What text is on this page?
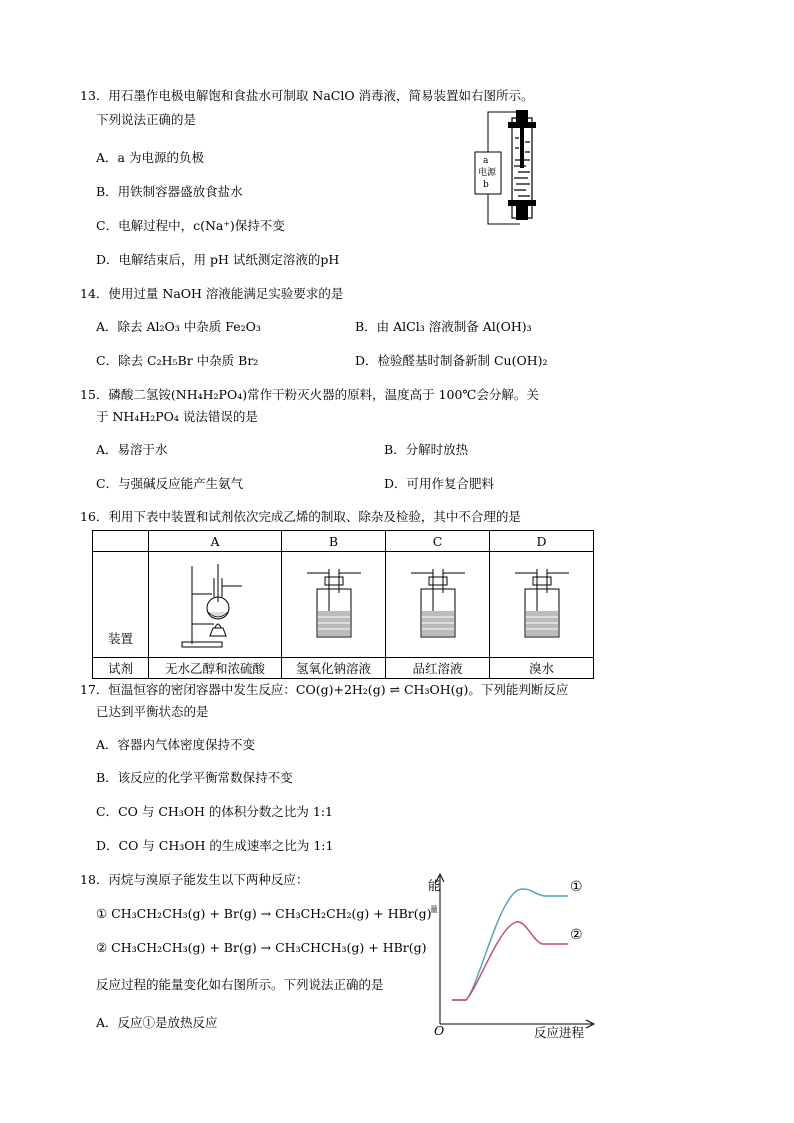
13．用石墨作电极电解饱和食盐水可制取 NaClO 消毒液，简易装置如右图所示。
下列说法正确的是
A．a 为电源的负极
B．用铁制容器盛放食盐水
C．电解过程中，c(Na⁺)保持不变
D．电解结束后，用 pH 试纸测定溶液的pH
a
电源
b
14．使用过量 NaOH 溶液能满足实验要求的是
A．除去 Al₂O₃ 中杂质 Fe₂O₃	B．由 AlCl₃ 溶液制备 Al(OH)₃
C．除去 C₂H₅Br 中杂质 Br₂	D．检验醛基时制备新制 Cu(OH)₂
15．磷酸二氢铵(NH₄H₂PO₄)常作干粉灭火器的原料，温度高于 100℃会分解。关
于 NH₄H₂PO₄ 说法错误的是
A．易溶于水	B．分解时放热
C．与强碱反应能产生氨气	D．可用作复合肥料
16．利用下表中装置和试剂依次完成乙烯的制取、除杂及检验，其中不合理的是
	A	B	C	D
装置				
试剂	无水乙醇和浓硫酸	氢氧化钠溶液	品红溶液	溴水
17．恒温恒容的密闭容器中发生反应：CO(g)+2H₂(g) ⇌ CH₃OH(g)。下列能判断反应
已达到平衡状态的是
A．容器内气体密度保持不变
B．该反应的化学平衡常数保持不变
C．CO 与 CH₃OH 的体积分数之比为 1:1
D．CO 与 CH₃OH 的生成速率之比为 1:1
18．丙烷与溴原子能发生以下两种反应：
① CH₃CH₂CH₃(g) + Br(g) → CH₃CH₂CH₂(g) + HBr(g)
② CH₃CH₂CH₃(g) + Br(g) → CH₃CHCH₃(g) + HBr(g)
反应过程的能量变化如右图所示。下列说法正确的是
A．反应①是放热反应
能
量
O	反应进程
①
②
